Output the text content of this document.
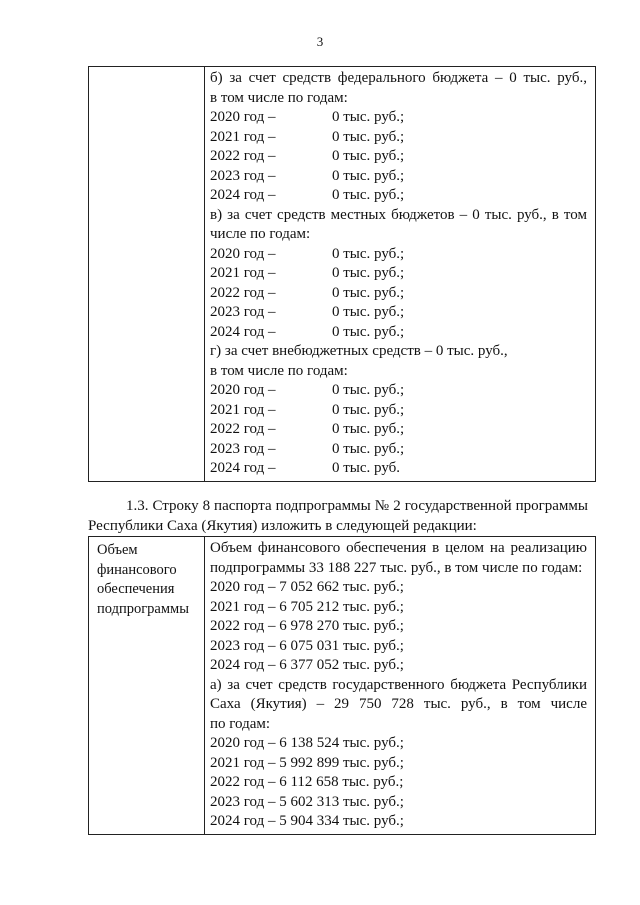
3

б) за счет средств федерального бюджета – 0 тыс. руб.,
в том числе по годам:
2020 год –	0 тыс. руб.;
2021 год –	0 тыс. руб.;
2022 год –	0 тыс. руб.;
2023 год –	0 тыс. руб.;
2024 год –	0 тыс. руб.;
в) за счет средств местных бюджетов – 0 тыс. руб., в том
числе по годам:
2020 год –	0 тыс. руб.;
2021 год –	0 тыс. руб.;
2022 год –	0 тыс. руб.;
2023 год –	0 тыс. руб.;
2024 год –	0 тыс. руб.;
г) за счет внебюджетных средств – 0 тыс. руб.,
в том числе по годам:
2020 год –	0 тыс. руб.;
2021 год –	0 тыс. руб.;
2022 год –	0 тыс. руб.;
2023 год –	0 тыс. руб.;
2024 год –	0 тыс. руб.
1.3. Строку 8 паспорта подпрограммы № 2 государственной программы
Республики Саха (Якутия) изложить в следующей редакции:
Объем
финансового
обеспечения
подпрограммы

Объем финансового обеспечения в целом на реализацию
подпрограммы 33 188 227 тыс. руб., в том числе по годам:
2020 год – 7 052 662 тыс. руб.;
2021 год – 6 705 212 тыс. руб.;
2022 год – 6 978 270 тыс. руб.;
2023 год – 6 075 031 тыс. руб.;
2024 год – 6 377 052 тыс. руб.;
а) за счет средств государственного бюджета Республики
Саха (Якутия) – 29 750 728 тыс. руб., в том числе
по годам:
2020 год – 6 138 524 тыс. руб.;
2021 год – 5 992 899 тыс. руб.;
2022 год – 6 112 658 тыс. руб.;
2023 год – 5 602 313 тыс. руб.;
2024 год – 5 904 334 тыс. руб.;
